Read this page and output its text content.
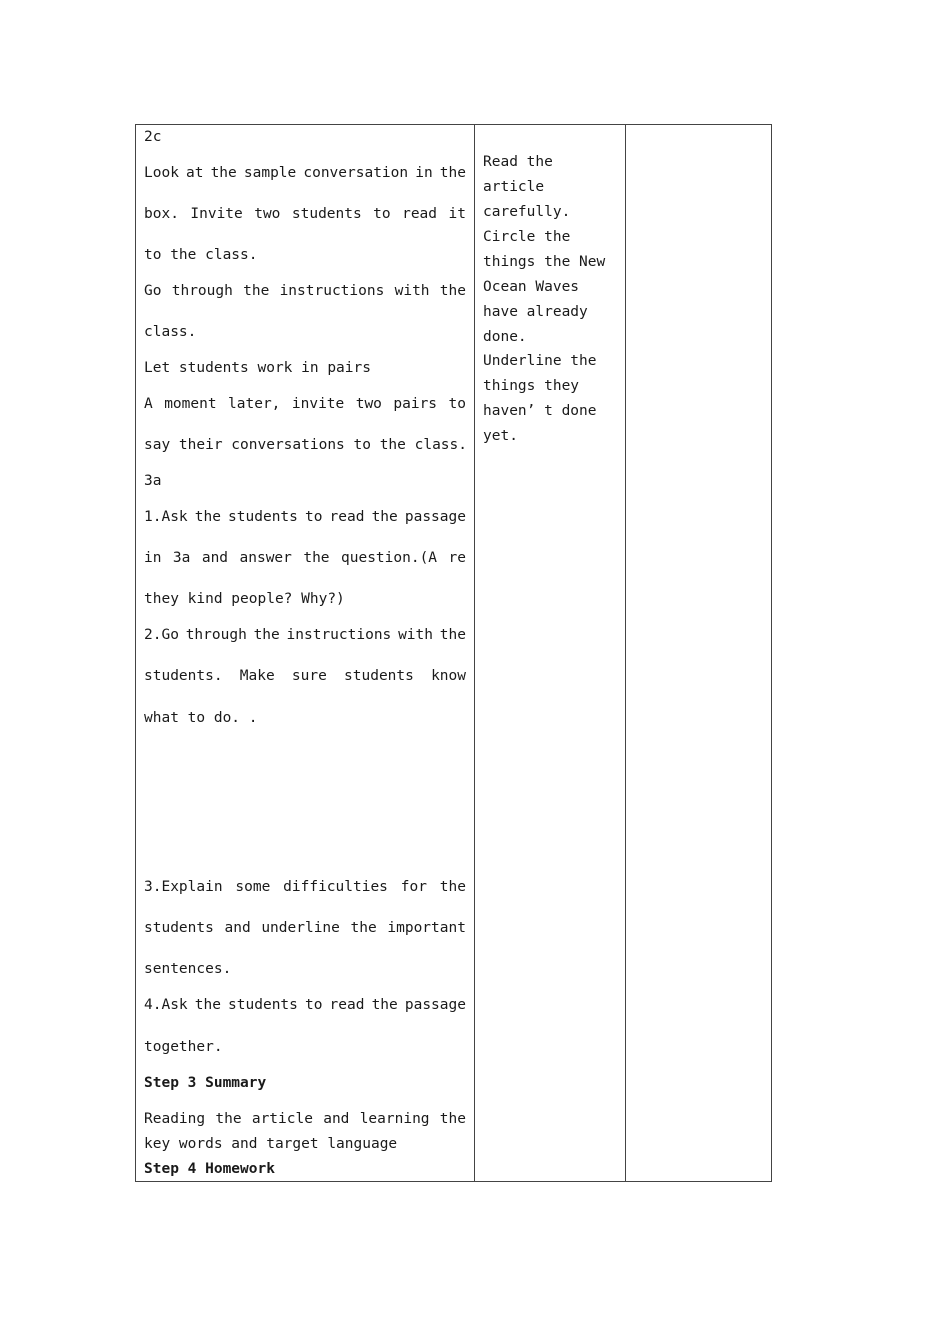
2c
Look at the sample conversation in the
box. Invite two students to read it
to the class.
Go through the instructions with the
class.
Let students work in pairs
A moment later, invite two pairs to
say their conversations to the class.
3a
1.Ask the students to read the passage
in 3a and answer the question.(A re
they kind people? Why?)
2.Go through the instructions with the
students. Make sure students know
what to do. .
3.Explain some difficulties for the
students and underline the important
sentences.
4.Ask the students to read the passage
together.
Step 3 Summary
Reading the article and learning the
key words and target language
Step 4 Homework
Read the
article
carefully.
Circle the
things the New
Ocean Waves
have already
done.
Underline the
things they
haven’ t done
yet.
